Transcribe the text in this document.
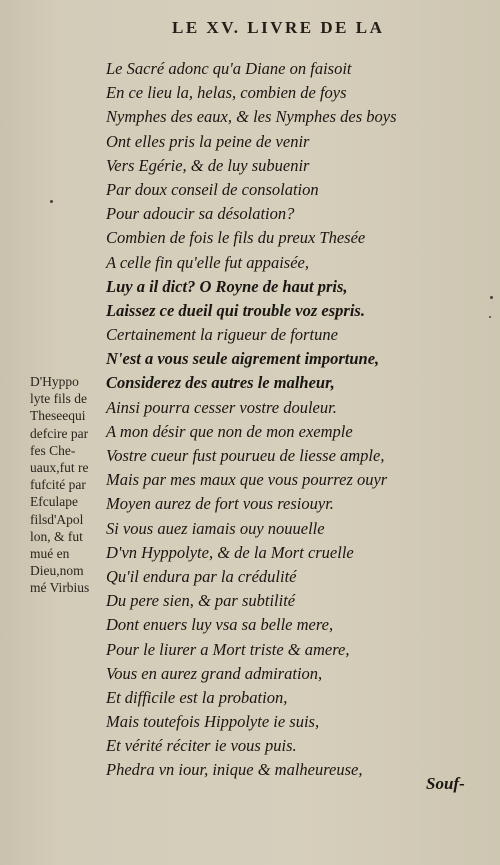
LE XV. LIVRE DE LA
Le Sacré adonc qu'a Diane on faisoit
En ce lieu la, helas, combien de foys
Nymphes des eaux, & les Nymphes des boys
Ont elles pris la peine de venir
Vers Egérie, & de luy subuenir
Par doux conseil de consolation
Pour adoucir sa désolation?
Combien de fois le fils du preux Thesée
A celle fin qu'elle fut appaisée,
Luy a il dict? O Royne de haut pris,
Laissez ce dueil qui trouble voz espris.
Certainement la rigueur de fortune
N'est a vous seule aigrement importune,
Considerez des autres le malheur,
Ainsi pourra cesser vostre douleur.
A mon désir que non de mon exemple
Vostre cueur fust pourueu de liesse ample,
Mais par mes maux que vous pourrez ouyr
Moyen aurez de fort vous resiouyr.
Si vous auez iamais ouy nouuelle
D'vn Hyppolyte, & de la Mort cruelle
Qu'il endura par la crédulité
Du pere sien, & par subtilité
Dont enuers luy vsa sa belle mere,
Pour le liurer a Mort triste & amere,
Vous en aurez grand admiration,
Et difficile est la probation,
Mais toutefois Hippolyte ie suis,
Et vérité réciter ie vous puis.
Phedra vn iour, inique & malheureuse,
D'Hyppo
lyte fils de
Theseequi
defcire par
fes Che-
uaux,fut re
fufcité par
Efculape
filsd'Apol
lon, & fut
mué en
Dieu,nom
mé Virbius
Souf-
